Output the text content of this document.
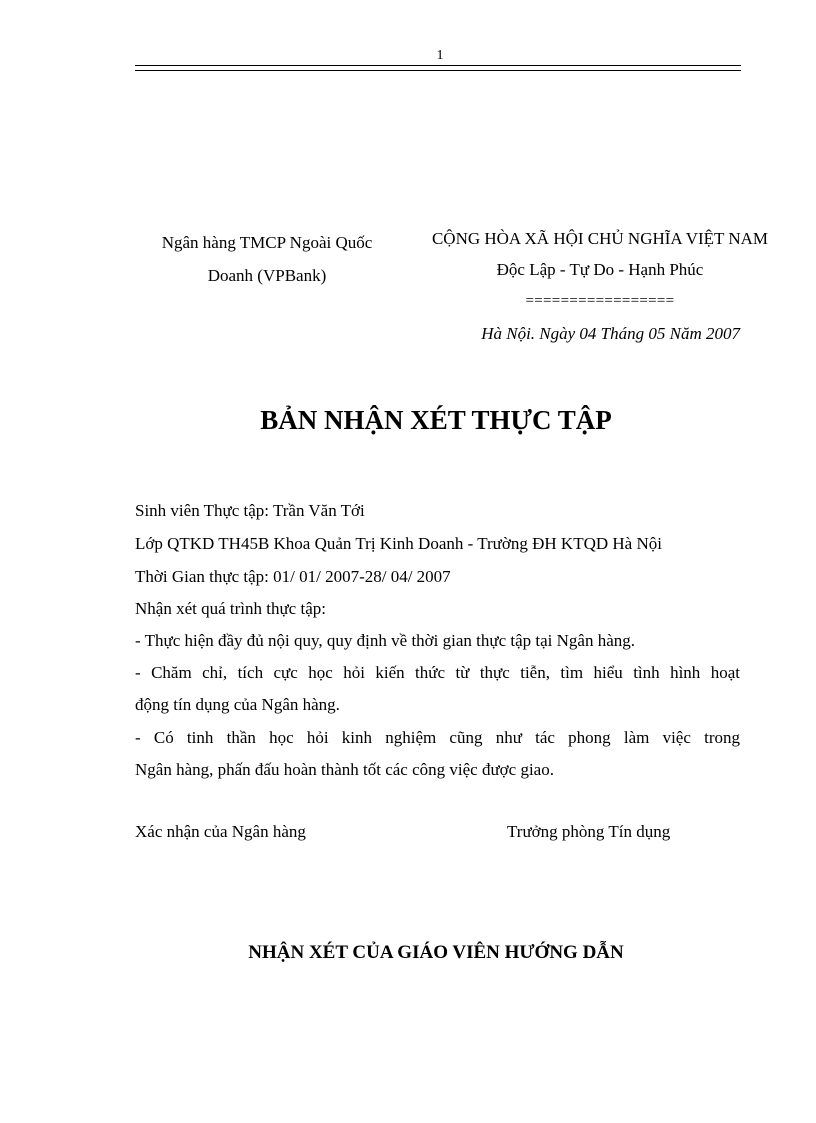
1
Ngân hàng TMCP Ngoài Quốc
Doanh (VPBank)
CỘNG HÒA XÃ HỘI CHỦ NGHĨA VIỆT NAM
Độc Lập - Tự Do - Hạnh Phúc
=================
Hà Nội. Ngày 04 Tháng 05 Năm 2007
BẢN NHẬN XÉT THỰC TẬP
Sinh viên Thực tập: Trần Văn Tới
Lớp QTKD TH45B Khoa Quản Trị Kinh Doanh - Trường ĐH KTQD Hà Nội
Thời Gian thực tập: 01/ 01/ 2007-28/ 04/ 2007
Nhận xét quá trình thực tập:
- Thực hiện đầy đủ nội quy, quy định về thời gian thực tập tại Ngân hàng.
- Chăm chỉ, tích cực học hỏi kiến thức từ thực tiễn, tìm hiểu tình hình hoạt
động tín dụng của Ngân hàng.
- Có tinh thần học hỏi kinh nghiệm cũng như tác phong làm việc trong
Ngân hàng, phấn đấu hoàn thành tốt các công việc được giao.
Xác nhận của Ngân hàng	Trưởng phòng Tín dụng
NHẬN XÉT CỦA GIÁO VIÊN HƯỚNG DẪN
